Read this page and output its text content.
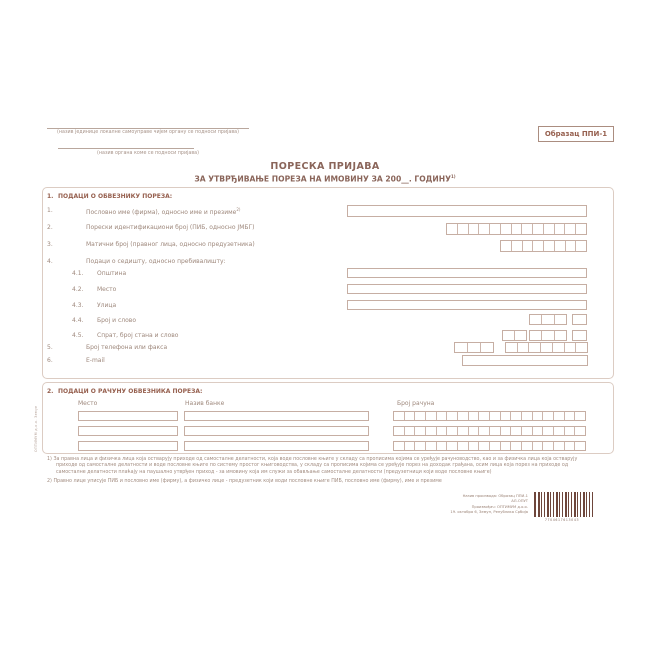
(назив јединице локалне самоуправе чијем органу се подноси пријава)
(назив органа коме се подноси пријава)
Образац ППИ-1
ПОРЕСКА ПРИЈАВА
ЗА УТВРЂИВАЊЕ ПОРЕЗА НА ИМОВИНУ ЗА 200__. ГОДИНУ$^{1)}$
1. ПОДАЦИ О ОБВЕЗНИКУ ПОРЕЗА:
1.	Пословно име (фирма), односно име и презиме$^{2)}$
2.	Порески идентификациони број (ПИБ, односно ЈМБГ)
3.	Матични број (правног лица, односно предузетника)
4.	Подаци о седишту, односно пребивалишту:
4.1. Општина
4.2. Место
4.3. Улица
4.4. Број и слово
4.5. Спрат, број стана и слово
5.	Број телефона или факса
6.	E-mail
2. ПОДАЦИ О РАЧУНУ ОБВЕЗНИКА ПОРЕЗА:
Место	Назив банке	Број рачуна
ОПТИМУМ д.о.о. Земун

1) За правна лица и физичка лица која остварују приходе од самосталне делатности, која воде пословне књиге у складу са прописима којима се уређује рачуноводство, као и за физичка лица која остварују приходе од самосталне делатности и воде пословне књиге по систему простог књиговодства, у складу са прописима којима се уређује порез на доходак грађана, осим лица која порез на приходе од самосталне делатности плаћају на паушално утврђен приход - за имовину која им служи за обављање самосталне делатности (предузетници који воде пословне књиге)

2) Правно лице уписује ПИБ и пословно име (фирму), а физичко лице - предузетник који води пословне књиге ПИБ, пословно име (фирму), име и презиме

Назив производа: Образац ППИ-1
АЛ-ОПУТ
Произвођач: ОПТИМУМ д.о.о.
19. октобра 6, Земун, Република Србија
7704617613043
